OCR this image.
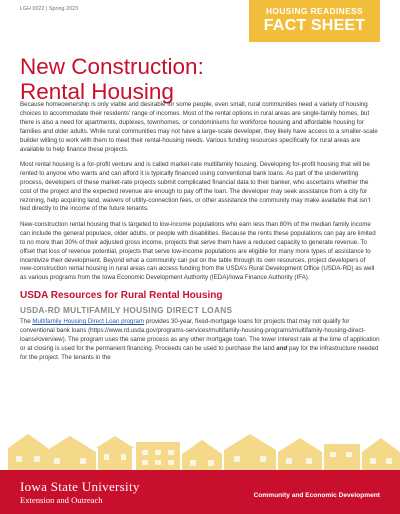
LGH 0022 | Spring 2023	HOUSING READINESS
FACT SHEET
New Construction:
Rental Housing

Because homeownership is only viable and desirable for some people, even small, rural communities need a variety of housing choices to accommodate their residents’ range of incomes. Most of the rental options in rural areas are single-family homes, but there is also a need for apartments, duplexes, townhomes, or condominiums for workforce housing and affordable housing for families and older adults. While rural communities may not have a large-scale developer, they likely have access to a smaller-scale builder willing to work with them to meet their rental-housing needs. Various funding resources specifically for rural areas are available to help finance these projects.

Most rental housing is a for-profit venture and is called market-rate multifamily housing. Developing for-profit housing that will be rented to anyone who wants and can afford it is typically financed using conventional bank loans. As part of the underwriting process, developers of these market-rate projects submit complicated financial data to their banker, who ascertains whether the cost of the project and the expected revenue are enough to pay off the loan. The developer may seek assistance from a city for rezoning, help acquiring land, waivers of utility-connection fees, or other assistance the community may make available that isn’t tied directly to the income of the future tenants.

New-construction rental housing that is targeted to low-income populations who earn less than 80% of the median family income can include the general populace, older adults, or people with disabilities. Because the rents these populations can pay are limited to no more than 30% of their adjusted gross income, projects that serve them have a reduced capacity to generate revenue. To offset that loss of revenue potential, projects that serve low-income populations are eligible for many more types of assistance to incentivize their development. Beyond what a community can put on the table through its own resources, project developers of new-construction rental housing in rural areas can access funding from the USDA’s Rural Development Office (USDA-RD) as well as various programs from the Iowa Economic Development Authority (IEDA)/Iowa Finance Authority (IFA).

USDA Resources for Rural Rental Housing
USDA-RD MULTIFAMILY HOUSING DIRECT LOANS

The Multifamily Housing Direct Loan program provides 30-year, fixed-mortgage loans for projects that may not qualify for conventional bank loans (https://www.rd.usda.gov/programs-services/multifamily-housing-programs/multifamily-housing-direct-loans#overview). The program uses the same process as any other mortgage loan. The lower interest rate at the time of application or at closing is used for the permanent financing. Proceeds can be used to purchase the land and pay for the infrastructure needed for the project. The tenants in the

Iowa State University
Extension and Outreach	Community and Economic Development
